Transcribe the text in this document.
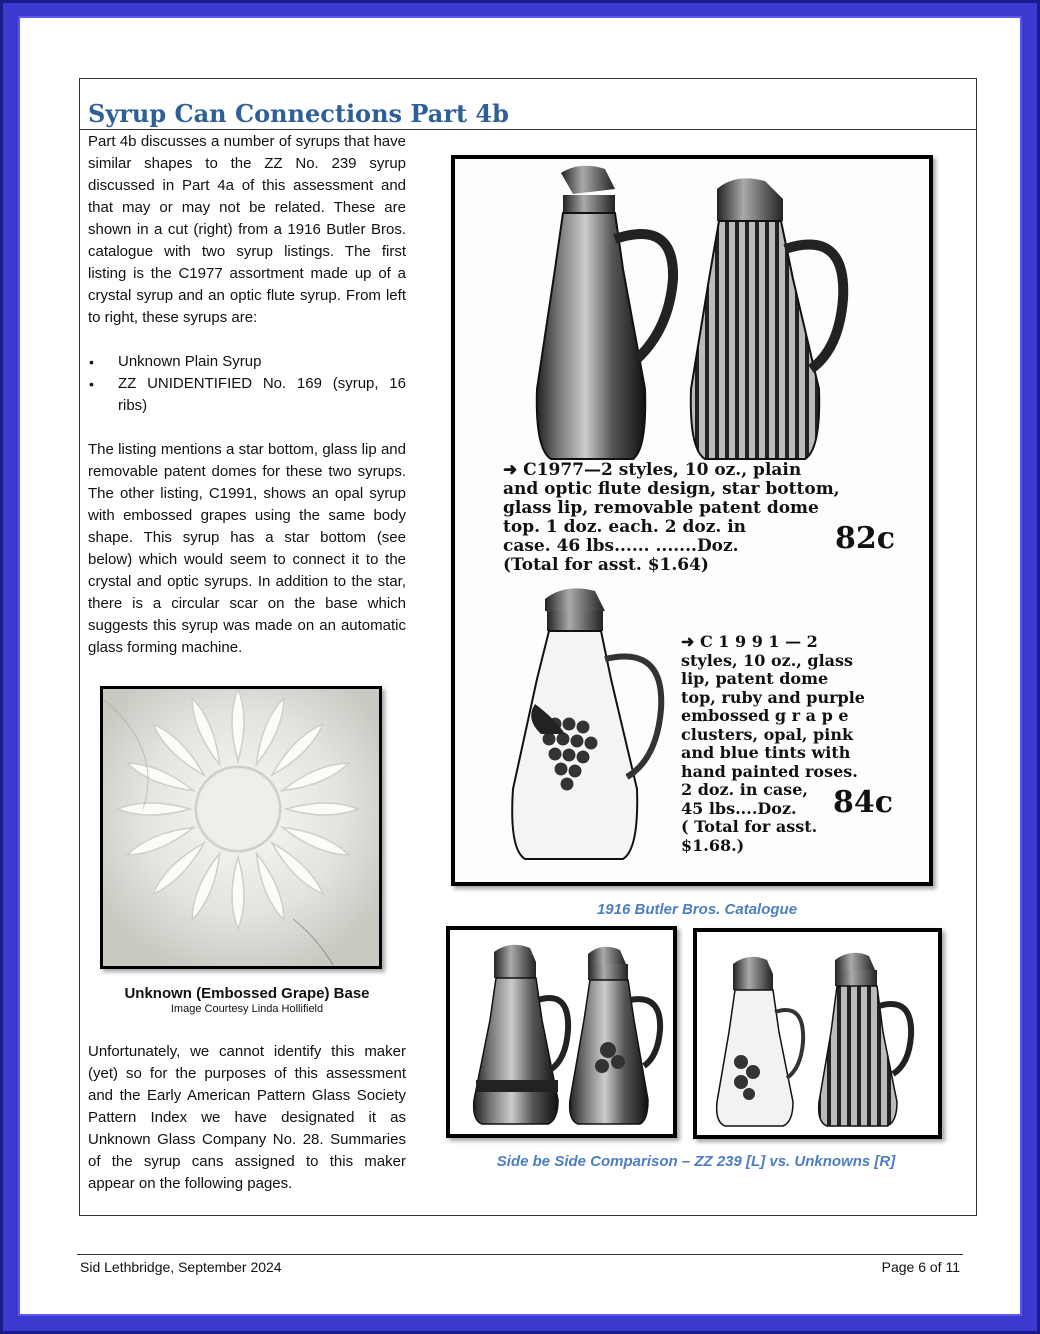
Syrup Can Connections Part 4b

Part 4b discusses a number of syrups that have similar shapes to the ZZ No. 239 syrup discussed in Part 4a of this assessment and that may or may not be related. These are shown in a cut (right) from a 1916 Butler Bros. catalogue with two syrup listings. The first listing is the C1977 assortment made up of a crystal syrup and an optic flute syrup. From left to right, these syrups are:

• Unknown Plain Syrup
• ZZ UNIDENTIFIED No. 169 (syrup, 16 ribs)

The listing mentions a star bottom, glass lip and removable patent domes for these two syrups. The other listing, C1991, shows an opal syrup with embossed grapes using the same body shape. This syrup has a star bottom (see below) which would seem to connect it to the crystal and optic syrups. In addition to the star, there is a circular scar on the base which suggests this syrup was made on an automatic glass forming machine.

Unknown (Embossed Grape) Base
Image Courtesy Linda Hollifield

Unfortunately, we cannot identify this maker (yet) so for the purposes of this assessment and the Early American Pattern Glass Society Pattern Index we have designated it as Unknown Glass Company No. 28. Summaries of the syrup cans assigned to this maker appear on the following pages.

➜ C1977—2 styles, 10 oz., plain
and optic flute design, star bottom,
glass lip, removable patent dome
top. 1 doz. each. 2 doz. in
case. 46 lbs...... .......Doz.
(Total for asst. $1.64)
82c
➜ C 1 9 9 1 — 2
styles, 10 oz., glass
lip, patent dome
top, ruby and purple
embossed g r a p e
clusters, opal, pink
and blue tints with
hand painted roses.
2 doz. in case,
45 lbs....Doz.
( Total for asst.
$1.68.)
84c
1916 Butler Bros. Catalogue
Side be Side Comparison – ZZ 239 [L] vs. Unknowns [R]
Sid Lethbridge, September 2024	Page 6 of 11
